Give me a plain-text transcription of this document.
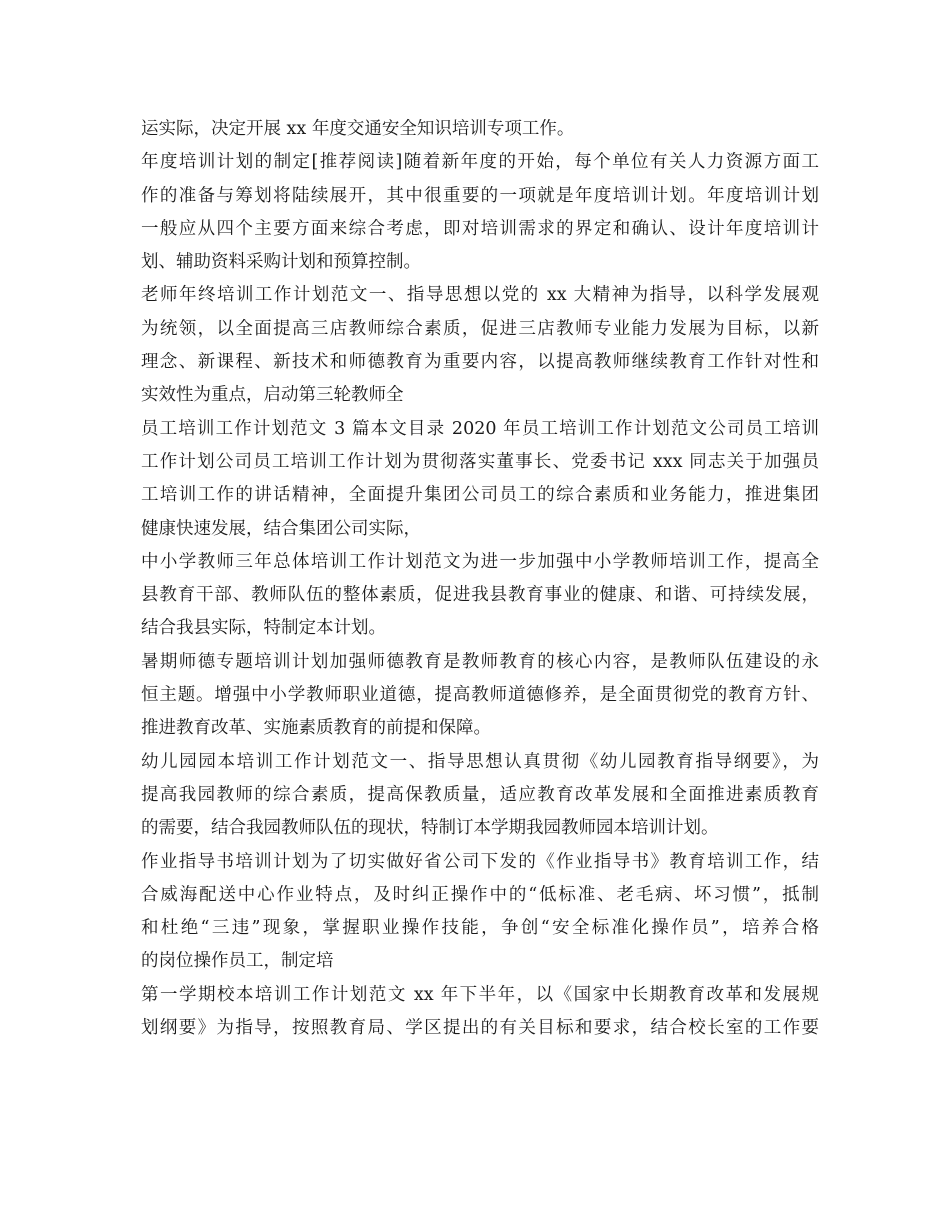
运实际，决定开展 xx 年度交通安全知识培训专项工作。
年度培训计划的制定[推荐阅读]随着新年度的开始，每个单位有关人力资源方面工
作的准备与筹划将陆续展开，其中很重要的一项就是年度培训计划。年度培训计划
一般应从四个主要方面来综合考虑，即对培训需求的界定和确认、设计年度培训计
划、辅助资料采购计划和预算控制。
老师年终培训工作计划范文一、指导思想以党的 xx 大精神为指导，以科学发展观
为统领，以全面提高三店教师综合素质，促进三店教师专业能力发展为目标，以新
理念、新课程、新技术和师德教育为重要内容，以提高教师继续教育工作针对性和
实效性为重点，启动第三轮教师全
员工培训工作计划范文 3 篇本文目录 2020 年员工培训工作计划范文公司员工培训
工作计划公司员工培训工作计划为贯彻落实董事长、党委书记 xxx 同志关于加强员
工培训工作的讲话精神，全面提升集团公司员工的综合素质和业务能力，推进集团
健康快速发展，结合集团公司实际，
中小学教师三年总体培训工作计划范文为进一步加强中小学教师培训工作，提高全
县教育干部、教师队伍的整体素质，促进我县教育事业的健康、和谐、可持续发展，
结合我县实际，特制定本计划。
暑期师德专题培训计划加强师德教育是教师教育的核心内容，是教师队伍建设的永
恒主题。增强中小学教师职业道德，提高教师道德修养，是全面贯彻党的教育方针、
推进教育改革、实施素质教育的前提和保障。
幼儿园园本培训工作计划范文一、指导思想认真贯彻《幼儿园教育指导纲要》，为
提高我园教师的综合素质，提高保教质量，适应教育改革发展和全面推进素质教育
的需要，结合我园教师队伍的现状，特制订本学期我园教师园本培训计划。
作业指导书培训计划为了切实做好省公司下发的《作业指导书》教育培训工作，结
合威海配送中心作业特点，及时纠正操作中的“低标准、老毛病、坏习惯”，抵制
和杜绝“三违”现象，掌握职业操作技能，争创“安全标准化操作员”，培养合格
的岗位操作员工，制定培
第一学期校本培训工作计划范文 xx 年下半年，以《国家中长期教育改革和发展规
划纲要》为指导，按照教育局、学区提出的有关目标和要求，结合校长室的工作要
